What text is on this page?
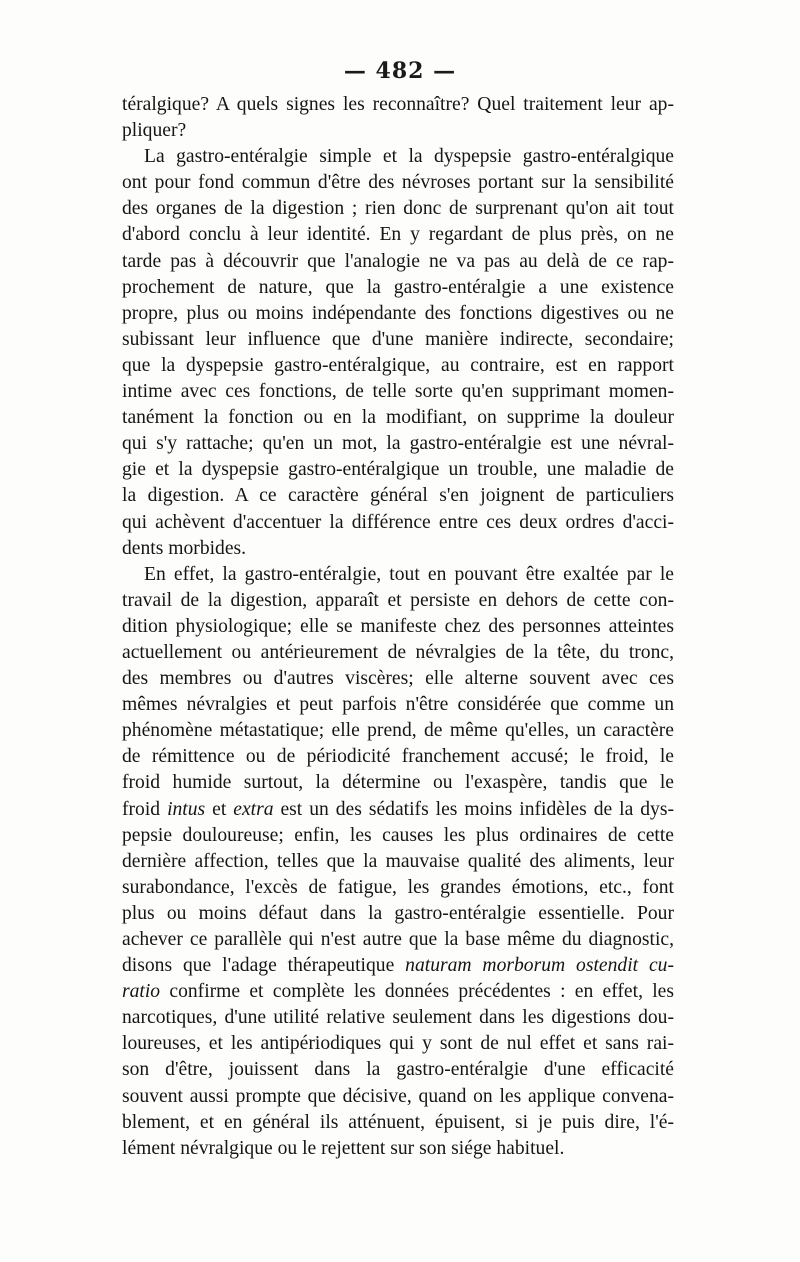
— 482 —
téralgique? A quels signes les reconnaître? Quel traitement leur ap-
pliquer?
La gastro-entéralgie simple et la dyspepsie gastro-entéralgique
ont pour fond commun d'être des névroses portant sur la sensibilité
des organes de la digestion ; rien donc de surprenant qu'on ait tout
d'abord conclu à leur identité. En y regardant de plus près, on ne
tarde pas à découvrir que l'analogie ne va pas au delà de ce rap-
prochement de nature, que la gastro-entéralgie a une existence
propre, plus ou moins indépendante des fonctions digestives ou ne
subissant leur influence que d'une manière indirecte, secondaire;
que la dyspepsie gastro-entéralgique, au contraire, est en rapport
intime avec ces fonctions, de telle sorte qu'en supprimant momen-
tanément la fonction ou en la modifiant, on supprime la douleur
qui s'y rattache; qu'en un mot, la gastro-entéralgie est une névral-
gie et la dyspepsie gastro-entéralgique un trouble, une maladie de
la digestion. A ce caractère général s'en joignent de particuliers
qui achèvent d'accentuer la différence entre ces deux ordres d'acci-
dents morbides.
En effet, la gastro-entéralgie, tout en pouvant être exaltée par le
travail de la digestion, apparaît et persiste en dehors de cette con-
dition physiologique; elle se manifeste chez des personnes atteintes
actuellement ou antérieurement de névralgies de la tête, du tronc,
des membres ou d'autres viscères; elle alterne souvent avec ces
mêmes névralgies et peut parfois n'être considérée que comme un
phénomène métastatique; elle prend, de même qu'elles, un caractère
de rémittence ou de périodicité franchement accusé; le froid, le
froid humide surtout, la détermine ou l'exaspère, tandis que le
froid intus et extra est un des sédatifs les moins infidèles de la dys-
pepsie douloureuse; enfin, les causes les plus ordinaires de cette
dernière affection, telles que la mauvaise qualité des aliments, leur
surabondance, l'excès de fatigue, les grandes émotions, etc., font
plus ou moins défaut dans la gastro-entéralgie essentielle. Pour
achever ce parallèle qui n'est autre que la base même du diagnostic,
disons que l'adage thérapeutique naturam morborum ostendit cu-
ratio confirme et complète les données précédentes : en effet, les
narcotiques, d'une utilité relative seulement dans les digestions dou-
loureuses, et les antipériodiques qui y sont de nul effet et sans rai-
son d'être, jouissent dans la gastro-entéralgie d'une efficacité
souvent aussi prompte que décisive, quand on les applique convena-
blement, et en général ils atténuent, épuisent, si je puis dire, l'é-
lément névralgique ou le rejettent sur son siége habituel.
